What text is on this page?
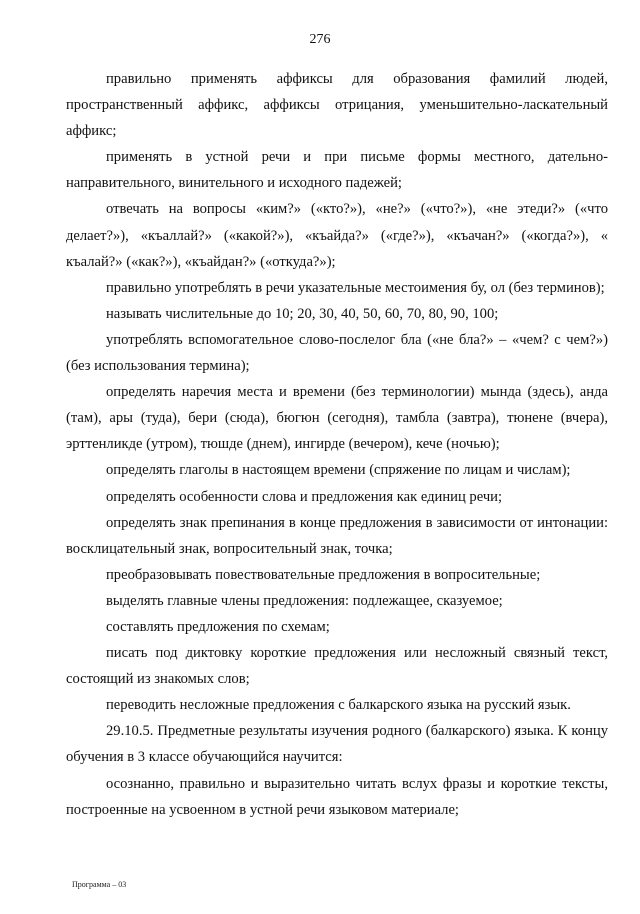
276

правильно применять аффиксы для образования фамилий людей, пространственный аффикс, аффиксы отрицания, уменьшительно-ласкательный аффикс;

применять в устной речи и при письме формы местного, дательно-направительного, винительного и исходного падежей;

отвечать на вопросы «ким?» («кто?»), «не?» («что?»), «не этеди?» («что делает?»), «къаллай?» («какой?»), «къайда?» («где?»), «къачан?» («когда?»), « къалай?» («как?»), «къайдан?» («откуда?»);

правильно употреблять в речи указательные местоимения бу, ол (без терминов);

называть числительные до 10; 20, 30, 40, 50, 60, 70, 80, 90, 100;

употреблять вспомогательное слово-послелог бла («не бла?» – «чем? с чем?») (без использования термина);

определять наречия места и времени (без терминологии) мында (здесь), анда (там), ары (туда), бери (сюда), бюгюн (сегодня), тамбла (завтра), тюнене (вчера), эрттенликде (утром), тюшде (днем), ингирде (вечером), кече (ночью);

определять глаголы в настоящем времени (спряжение по лицам и числам);

определять особенности слова и предложения как единиц речи;

определять знак препинания в конце предложения в зависимости от интонации: восклицательный знак, вопросительный знак, точка;

преобразовывать повествовательные предложения в вопросительные;

выделять главные члены предложения: подлежащее, сказуемое;

составлять предложения по схемам;

писать под диктовку короткие предложения или несложный связный текст, состоящий из знакомых слов;

переводить несложные предложения с балкарского языка на русский язык.

29.10.5. Предметные результаты изучения родного (балкарского) языка. К концу обучения в 3 классе обучающийся научится:

осознанно, правильно и выразительно читать вслух фразы и короткие тексты, построенные на усвоенном в устной речи языковом материале;

Программа – 03
